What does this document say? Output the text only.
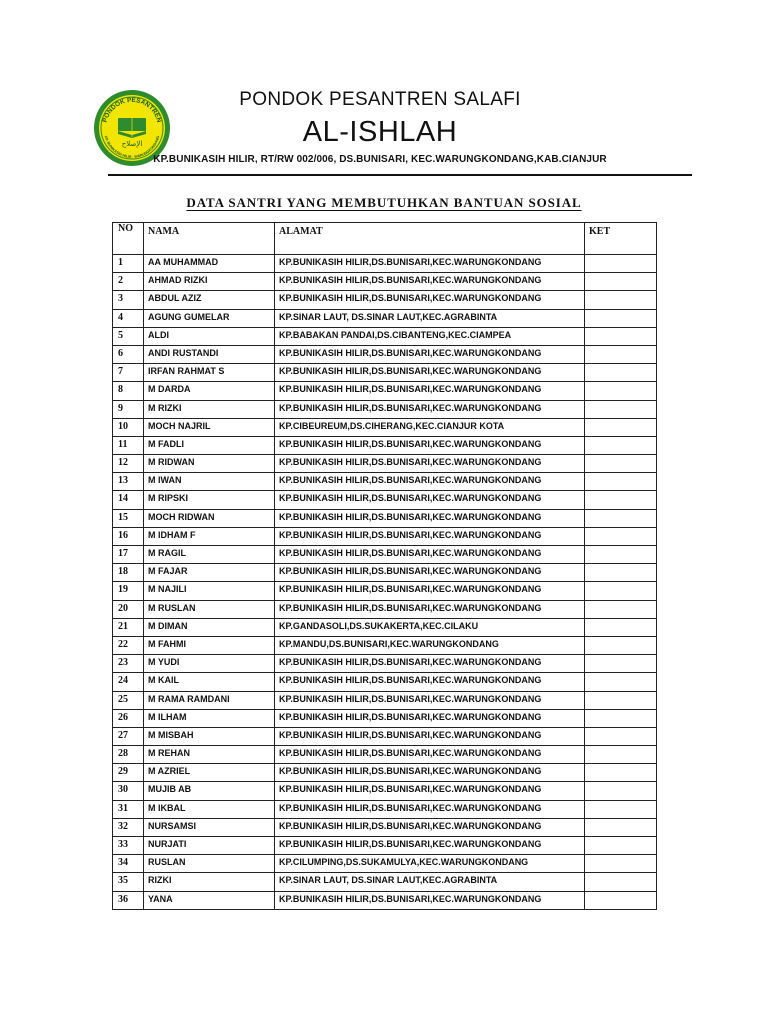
PONDOK PESANTREN
KP. BUNIKASIH HILIR - WARUNGKONDANG
الإصلاح
PONDOK PESANTREN SALAFI
AL-ISHLAH
KP.BUNIKASIH HILIR, RT/RW 002/006, DS.BUNISARI, KEC.WARUNGKONDANG,KAB.CIANJUR
DATA SANTRI YANG MEMBUTUHKAN BANTUAN SOSIAL
NO	NAMA	ALAMAT	KET
1	AA MUHAMMAD	KP.BUNIKASIH HILIR,DS.BUNISARI,KEC.WARUNGKONDANG	
2	AHMAD RIZKI	KP.BUNIKASIH HILIR,DS.BUNISARI,KEC.WARUNGKONDANG	
3	ABDUL AZIZ	KP.BUNIKASIH HILIR,DS.BUNISARI,KEC.WARUNGKONDANG	
4	AGUNG GUMELAR	KP.SINAR LAUT, DS.SINAR LAUT,KEC.AGRABINTA	
5	ALDI	KP.BABAKAN PANDAI,DS.CIBANTENG,KEC.CIAMPEA	
6	ANDI RUSTANDI	KP.BUNIKASIH HILIR,DS.BUNISARI,KEC.WARUNGKONDANG	
7	IRFAN RAHMAT S	KP.BUNIKASIH HILIR,DS.BUNISARI,KEC.WARUNGKONDANG	
8	M DARDA	KP.BUNIKASIH HILIR,DS.BUNISARI,KEC.WARUNGKONDANG	
9	M RIZKI	KP.BUNIKASIH HILIR,DS.BUNISARI,KEC.WARUNGKONDANG	
10	MOCH NAJRIL	KP.CIBEUREUM,DS.CIHERANG,KEC.CIANJUR KOTA	
11	M FADLI	KP.BUNIKASIH HILIR,DS.BUNISARI,KEC.WARUNGKONDANG	
12	M RIDWAN	KP.BUNIKASIH HILIR,DS.BUNISARI,KEC.WARUNGKONDANG	
13	M IWAN	KP.BUNIKASIH HILIR,DS.BUNISARI,KEC.WARUNGKONDANG	
14	M RIPSKI	KP.BUNIKASIH HILIR,DS.BUNISARI,KEC.WARUNGKONDANG	
15	MOCH RIDWAN	KP.BUNIKASIH HILIR,DS.BUNISARI,KEC.WARUNGKONDANG	
16	M IDHAM F	KP.BUNIKASIH HILIR,DS.BUNISARI,KEC.WARUNGKONDANG	
17	M RAGIL	KP.BUNIKASIH HILIR,DS.BUNISARI,KEC.WARUNGKONDANG	
18	M FAJAR	KP.BUNIKASIH HILIR,DS.BUNISARI,KEC.WARUNGKONDANG	
19	M NAJILI	KP.BUNIKASIH HILIR,DS.BUNISARI,KEC.WARUNGKONDANG	
20	M RUSLAN	KP.BUNIKASIH HILIR,DS.BUNISARI,KEC.WARUNGKONDANG	
21	M DIMAN	KP.GANDASOLI,DS.SUKAKERTA,KEC.CILAKU	
22	M FAHMI	KP.MANDU,DS.BUNISARI,KEC.WARUNGKONDANG	
23	M YUDI	KP.BUNIKASIH HILIR,DS.BUNISARI,KEC.WARUNGKONDANG	
24	M KAIL	KP.BUNIKASIH HILIR,DS.BUNISARI,KEC.WARUNGKONDANG	
25	M RAMA RAMDANI	KP.BUNIKASIH HILIR,DS.BUNISARI,KEC.WARUNGKONDANG	
26	M ILHAM	KP.BUNIKASIH HILIR,DS.BUNISARI,KEC.WARUNGKONDANG	
27	M MISBAH	KP.BUNIKASIH HILIR,DS.BUNISARI,KEC.WARUNGKONDANG	
28	M REHAN	KP.BUNIKASIH HILIR,DS.BUNISARI,KEC.WARUNGKONDANG	
29	M AZRIEL	KP.BUNIKASIH HILIR,DS.BUNISARI,KEC.WARUNGKONDANG	
30	MUJIB AB	KP.BUNIKASIH HILIR,DS.BUNISARI,KEC.WARUNGKONDANG	
31	M IKBAL	KP.BUNIKASIH HILIR,DS.BUNISARI,KEC.WARUNGKONDANG	
32	NURSAMSI	KP.BUNIKASIH HILIR,DS.BUNISARI,KEC.WARUNGKONDANG	
33	NURJATI	KP.BUNIKASIH HILIR,DS.BUNISARI,KEC.WARUNGKONDANG	
34	RUSLAN	KP.CILUMPING,DS.SUKAMULYA,KEC.WARUNGKONDANG	
35	RIZKI	KP.SINAR LAUT, DS.SINAR LAUT,KEC.AGRABINTA	
36	YANA	KP.BUNIKASIH HILIR,DS.BUNISARI,KEC.WARUNGKONDANG	
